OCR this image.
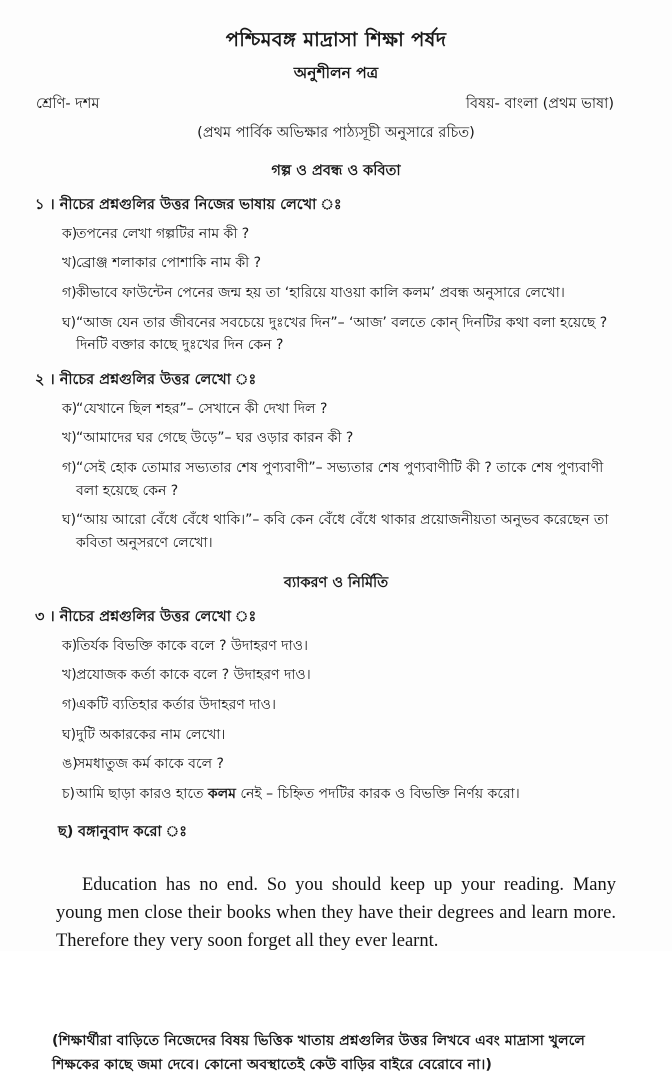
পশ্চিমবঙ্গ মাদ্রাসা শিক্ষা পর্ষদ
অনুশীলন পত্র
শ্রেণি- দশম	বিষয়- বাংলা (প্রথম ভাষা)

(প্রথম পার্বিক অভিক্ষার পাঠ্যসূচী অনুসারে রচিত)

গল্প ও প্রবন্ধ ও কবিতা

১ । নীচের প্রশ্নগুলির উত্তর নিজের ভাষায় লেখো ঃ

ক)
তপনের লেখা গল্পটির নাম কী ?
খ) ব্রোঞ্জ শলাকার পোশাকি নাম কী ?
গ) কীভাবে ফাউন্টেন পেনের জন্ম হয় তা ‘হারিয়ে যাওয়া কালি কলম’ প্রবন্ধ অনুসারে লেখো।
ঘ) “আজ যেন তার জীবনের সবচেয়ে দুঃখের দিন”– ‘আজ’ বলতে কোন্ দিনটির কথা বলা হয়েছে ? দিনটি বক্তার কাছে দুঃখের দিন কেন ?

২ । নীচের প্রশ্নগুলির উত্তর লেখো ঃ

ক)
“যেখানে ছিল শহর”– সেখানে কী দেখা দিল ?
খ) “আমাদের ঘর গেছে উড়ে”– ঘর ওড়ার কারন কী ?
গ) “সেই হোক তোমার সভ্যতার শেষ পুণ্যবাণী”– সভ্যতার শেষ পুণ্যবাণীটি কী ? তাকে শেষ পুণ্যবাণী বলা হয়েছে কেন ?
ঘ) “আয় আরো বেঁধে বেঁধে থাকি।”– কবি কেন বেঁধে বেঁধে থাকার প্রয়োজনীয়তা অনুভব করেছেন তা কবিতা অনুসরণে লেখো।
ব্যাকরণ ও নির্মিতি

৩ । নীচের প্রশ্নগুলির উত্তর লেখো ঃ

ক)
তির্যক বিভক্তি কাকে বলে ? উদাহরণ দাও।
খ) প্রযোজক কর্তা কাকে বলে ? উদাহরণ দাও।
গ) একটি ব্যতিহার কর্তার উদাহরণ দাও।
ঘ) দুটি অকারকের নাম লেখো।
ঙ)
সমধাতুজ কর্ম কাকে বলে ?
চ) আমি ছাড়া কারও হাতে কলম নেই – চিহ্নিত পদটির কারক ও বিভক্তি নির্ণয় করো।
ছ) বঙ্গানুবাদ করো ঃ

Education has no end. So you should keep up your reading. Many young men close their books when they have their degrees and learn more. Therefore they very soon forget all they ever learnt.

(শিক্ষার্থীরা বাড়িতে নিজেদের বিষয় ভিত্তিক খাতায় প্রশ্নগুলির উত্তর লিখবে এবং মাদ্রাসা খুললে শিক্ষকের কাছে জমা দেবে। কোনো অবস্থাতেই কেউ বাড়ির বাইরে বেরোবে না।)
